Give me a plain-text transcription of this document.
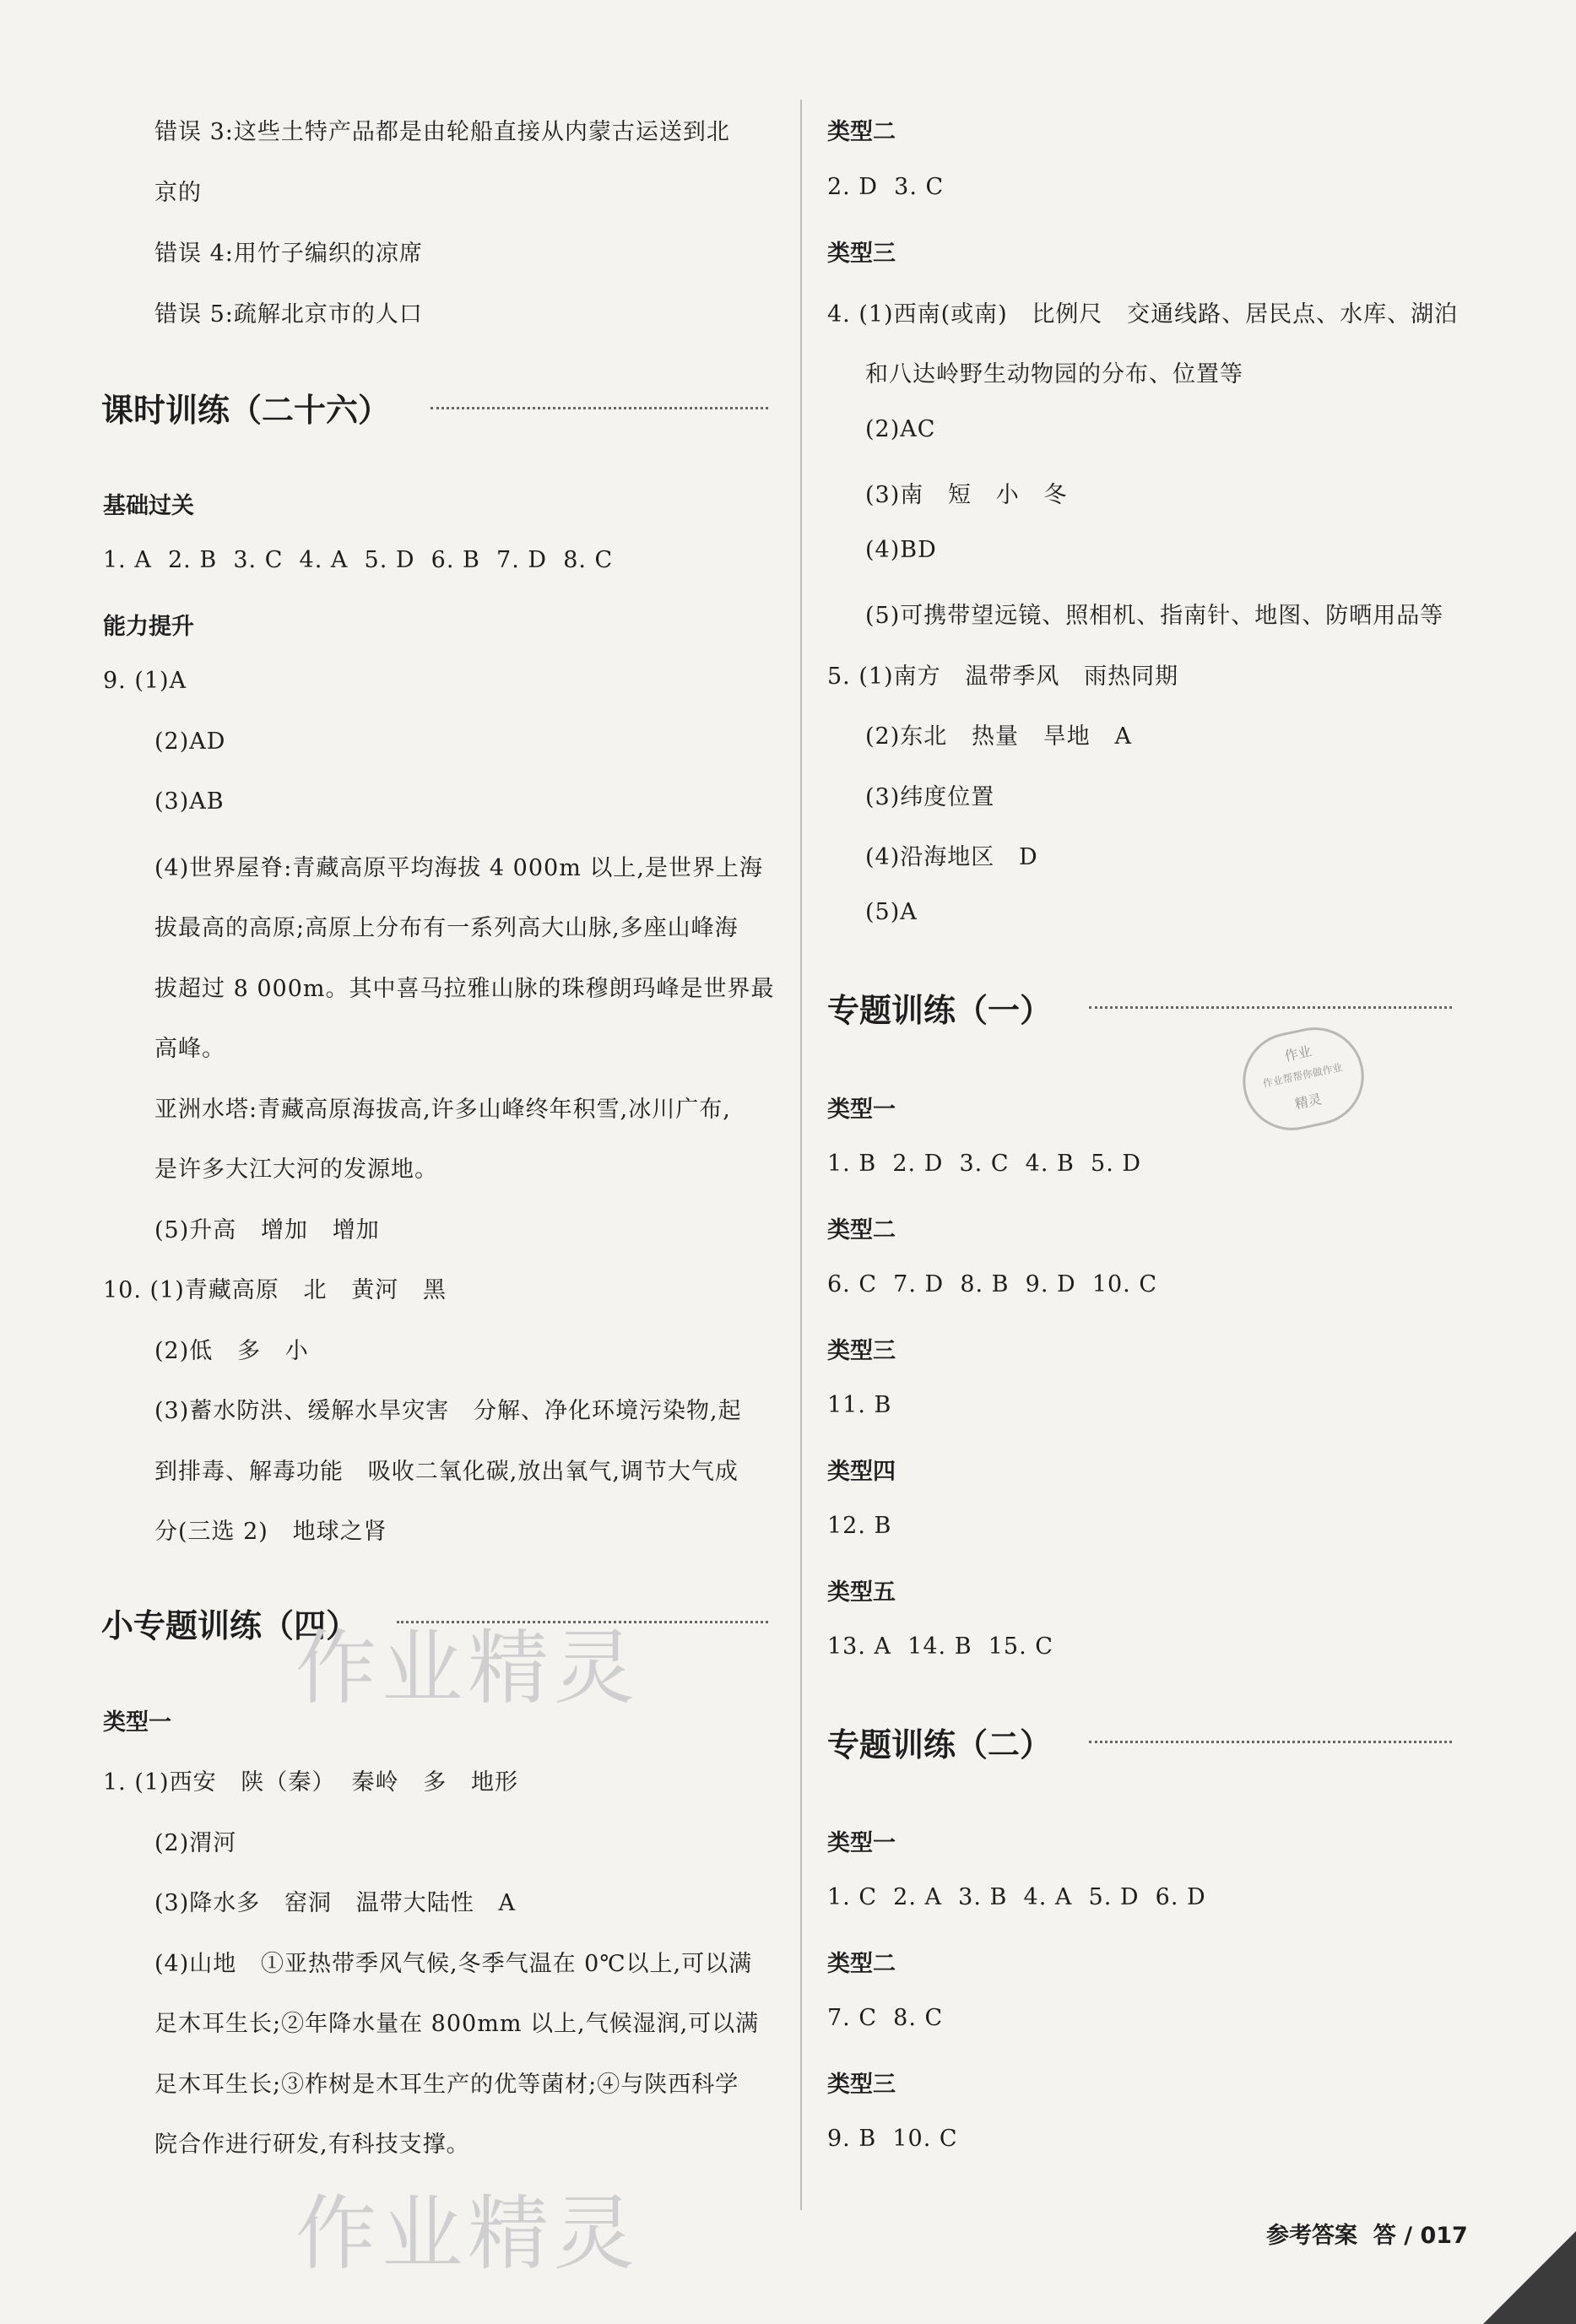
错误 3:这些土特产品都是由轮船直接从内蒙古运送到北
京的
错误 4:用竹子编织的凉席
错误 5:疏解北京市的人口
课时训练（二十六）
基础过关
1. A  2. B  3. C  4. A  5. D  6. B  7. D  8. C
能力提升
9. (1)A
(2)AD
(3)AB
(4)世界屋脊:青藏高原平均海拔 4 000m 以上,是世界上海
拔最高的高原;高原上分布有一系列高大山脉,多座山峰海
拔超过 8 000m。其中喜马拉雅山脉的珠穆朗玛峰是世界最
高峰。
亚洲水塔:青藏高原海拔高,许多山峰终年积雪,冰川广布,
是许多大江大河的发源地。
(5)升高   增加   增加
10. (1)青藏高原   北   黄河   黑
(2)低   多   小
(3)蓄水防洪、缓解水旱灾害   分解、净化环境污染物,起
到排毒、解毒功能   吸收二氧化碳,放出氧气,调节大气成
分(三选 2)   地球之肾
小专题训练（四）
类型一
1. (1)西安   陕（秦）  秦岭   多   地形
(2)渭河
(3)降水多   窑洞   温带大陆性   A
(4)山地   ①亚热带季风气候,冬季气温在 0℃以上,可以满
足木耳生长;②年降水量在 800mm 以上,气候湿润,可以满
足木耳生长;③柞树是木耳生产的优等菌材;④与陕西科学
院合作进行研发,有科技支撑。
作业精灵
作业精灵
类型二
2. D  3. C
类型三
4. (1)西南(或南)   比例尺   交通线路、居民点、水库、湖泊
和八达岭野生动物园的分布、位置等
(2)AC
(3)南   短   小   冬
(4)BD
(5)可携带望远镜、照相机、指南针、地图、防晒用品等
5. (1)南方   温带季风   雨热同期
(2)东北   热量   旱地   A
(3)纬度位置
(4)沿海地区   D
(5)A
专题训练（一）
类型一
1. B  2. D  3. C  4. B  5. D
类型二
6. C  7. D  8. B  9. D  10. C
类型三
11. B
类型四
12. B
类型五
13. A  14. B  15. C
专题训练（二）
类型一
1. C  2. A  3. B  4. A  5. D  6. D
类型二
7. C  8. C
类型三
9. B  10. C
参考答案  答 / 017
作业
作业帮帮你做作业
精灵
